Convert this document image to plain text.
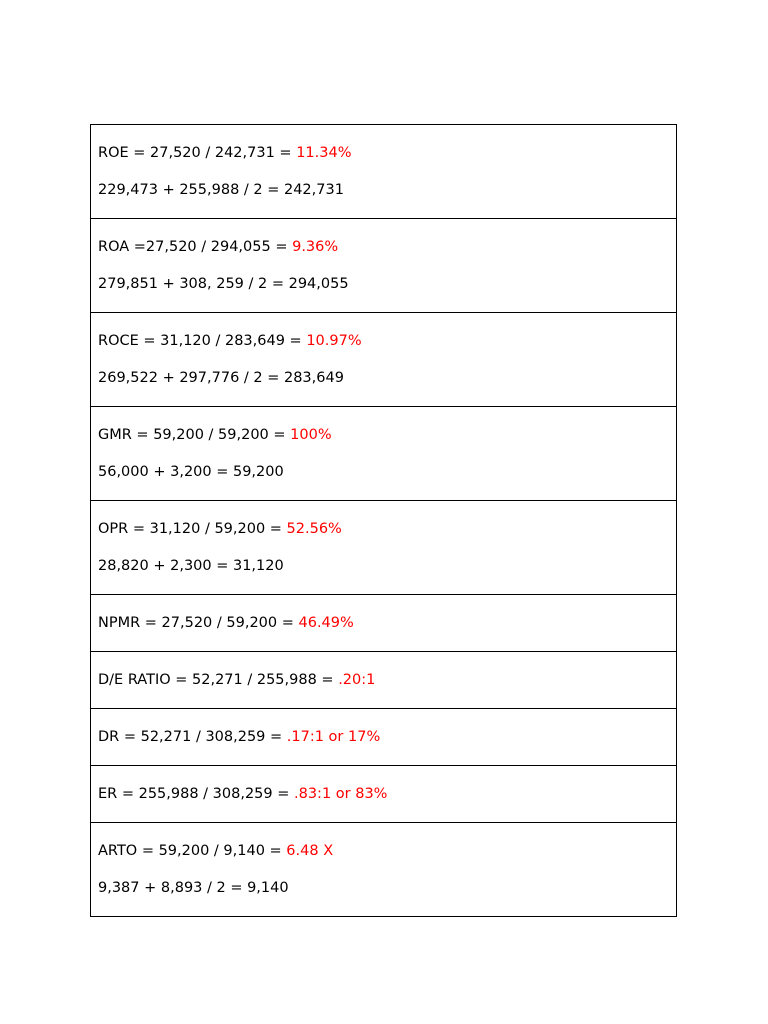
ROE = 27,520 / 242,731 = 11.34%
229,473 + 255,988 / 2 = 242,731
ROA =27,520 / 294,055 = 9.36%
279,851 + 308, 259 / 2 = 294,055
ROCE = 31,120 / 283,649 = 10.97%
269,522 + 297,776 / 2 = 283,649
GMR = 59,200 / 59,200 = 100%
56,000 + 3,200 = 59,200
OPR = 31,120 / 59,200 = 52.56%
28,820 + 2,300 = 31,120
NPMR = 27,520 / 59,200 = 46.49%
D/E RATIO = 52,271 / 255,988 = .20:1
DR = 52,271 / 308,259 = .17:1 or 17%
ER = 255,988 / 308,259 = .83:1 or 83%
ARTO = 59,200 / 9,140 = 6.48 X
9,387 + 8,893 / 2 = 9,140
